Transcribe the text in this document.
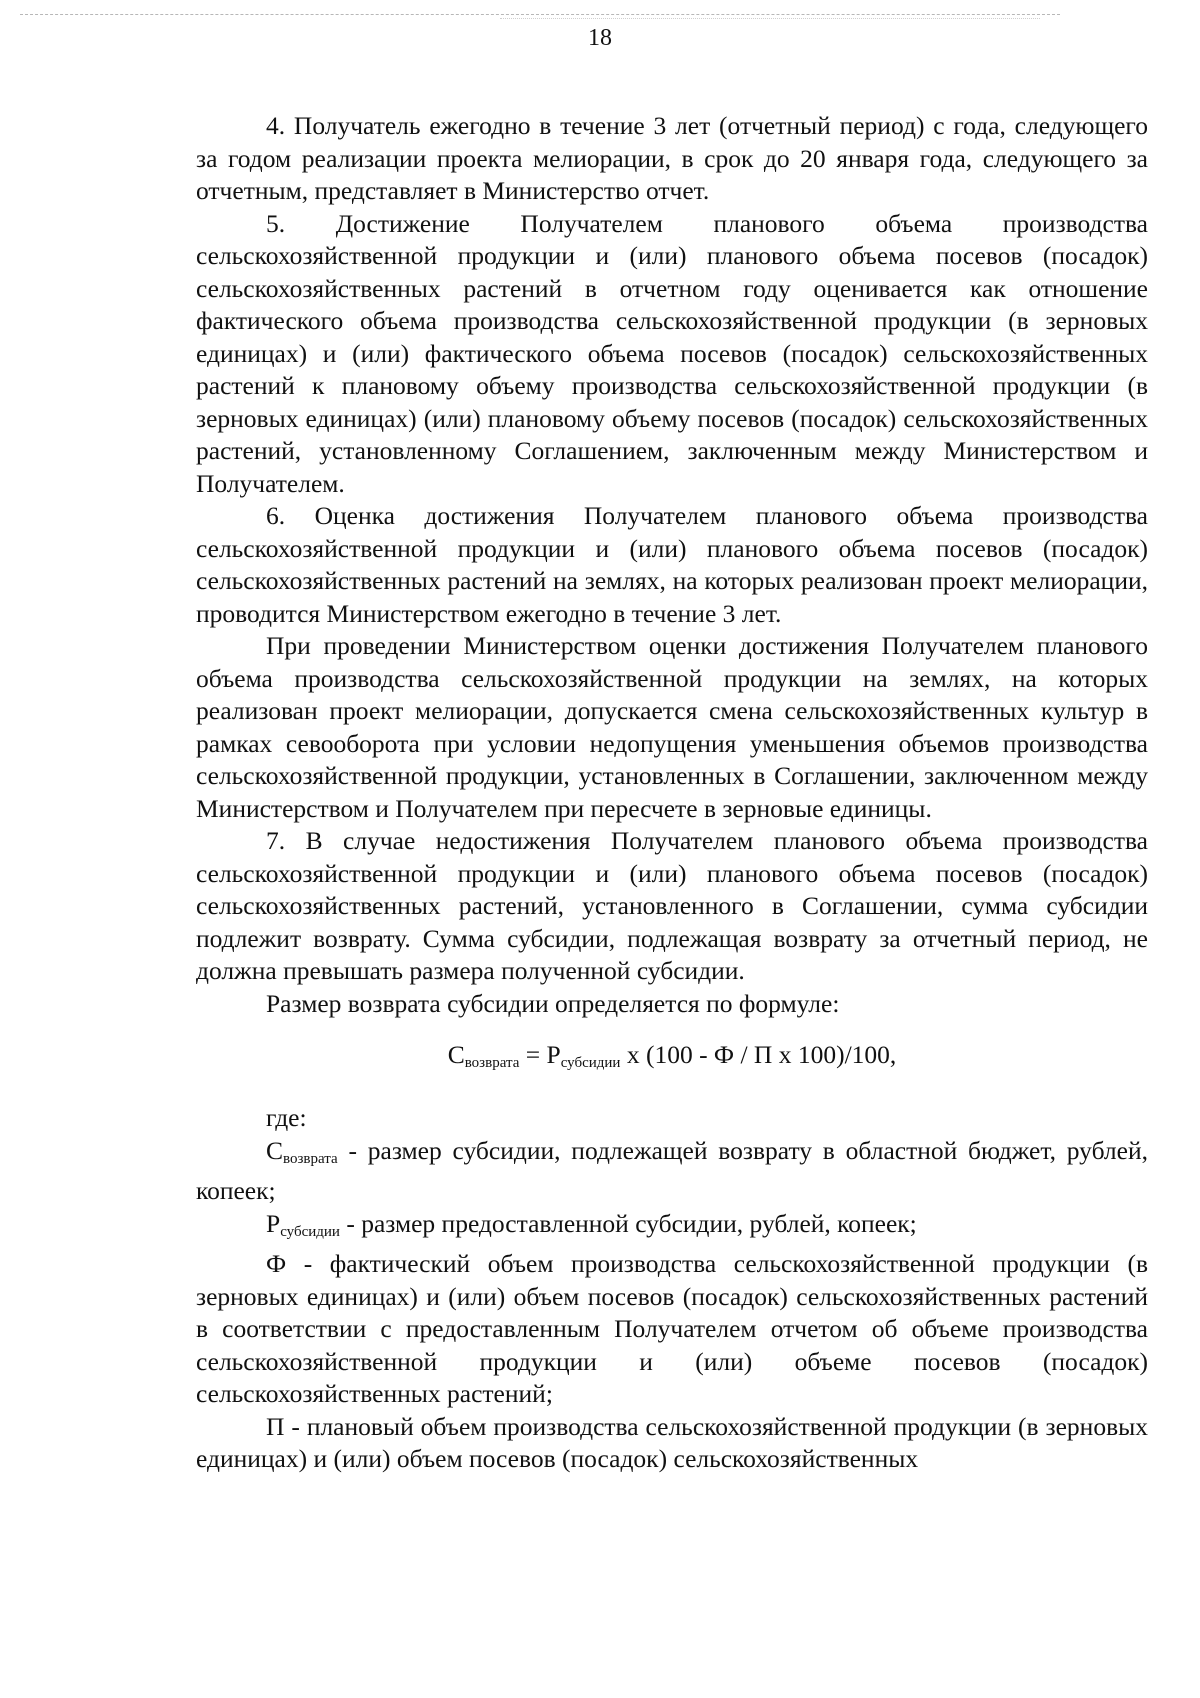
18

4. Получатель ежегодно в течение 3 лет (отчетный период) с года, следующего за годом реализации проекта мелиорации, в срок до 20 января года, следующего за отчетным, представляет в Министерство отчет.

5. Достижение Получателем планового объема производства сельскохозяйственной продукции и (или) планового объема посевов (посадок) сельскохозяйственных растений в отчетном году оценивается как отношение фактического объема производства сельскохозяйственной продукции (в зерновых единицах) и (или) фактического объема посевов (посадок) сельскохозяйственных растений к плановому объему производства сельскохозяйственной продукции (в зерновых единицах) (или) плановому объему посевов (посадок) сельскохозяйственных растений, установленному Соглашением, заключенным между Министерством и Получателем.

6. Оценка достижения Получателем планового объема производства сельскохозяйственной продукции и (или) планового объема посевов (посадок) сельскохозяйственных растений на землях, на которых реализован проект мелиорации, проводится Министерством ежегодно в течение 3 лет.

При проведении Министерством оценки достижения Получателем планового объема производства сельскохозяйственной продукции на землях, на которых реализован проект мелиорации, допускается смена сельскохозяйственных культур в рамках севооборота при условии недопущения уменьшения объемов производства сельскохозяйственной продукции, установленных в Соглашении, заключенном между Министерством и Получателем при пересчете в зерновые единицы.

7. В случае недостижения Получателем планового объема производства сельскохозяйственной продукции и (или) планового объема посевов (посадок) сельскохозяйственных растений, установленного в Соглашении, сумма субсидии подлежит возврату. Сумма субсидии, подлежащая возврату за отчетный период, не должна превышать размера полученной субсидии.

Размер возврата субсидии определяется по формуле:

$С_{возврата} = Р_{субсидии}$ х (100 - Ф / П х 100)/100,

где:

$С_{возврата}$ - размер субсидии, подлежащей возврату в областной бюджет, рублей, копеек;

$Р_{субсидии}$ - размер предоставленной субсидии, рублей, копеек;

Ф - фактический объем производства сельскохозяйственной продукции (в зерновых единицах) и (или) объем посевов (посадок) сельскохозяйственных растений в соответствии с предоставленным Получателем отчетом об объеме производства сельскохозяйственной продукции и (или) объеме посевов (посадок) сельскохозяйственных растений;

П - плановый объем производства сельскохозяйственной продукции (в зерновых единицах) и (или) объем посевов (посадок) сельскохозяйственных
